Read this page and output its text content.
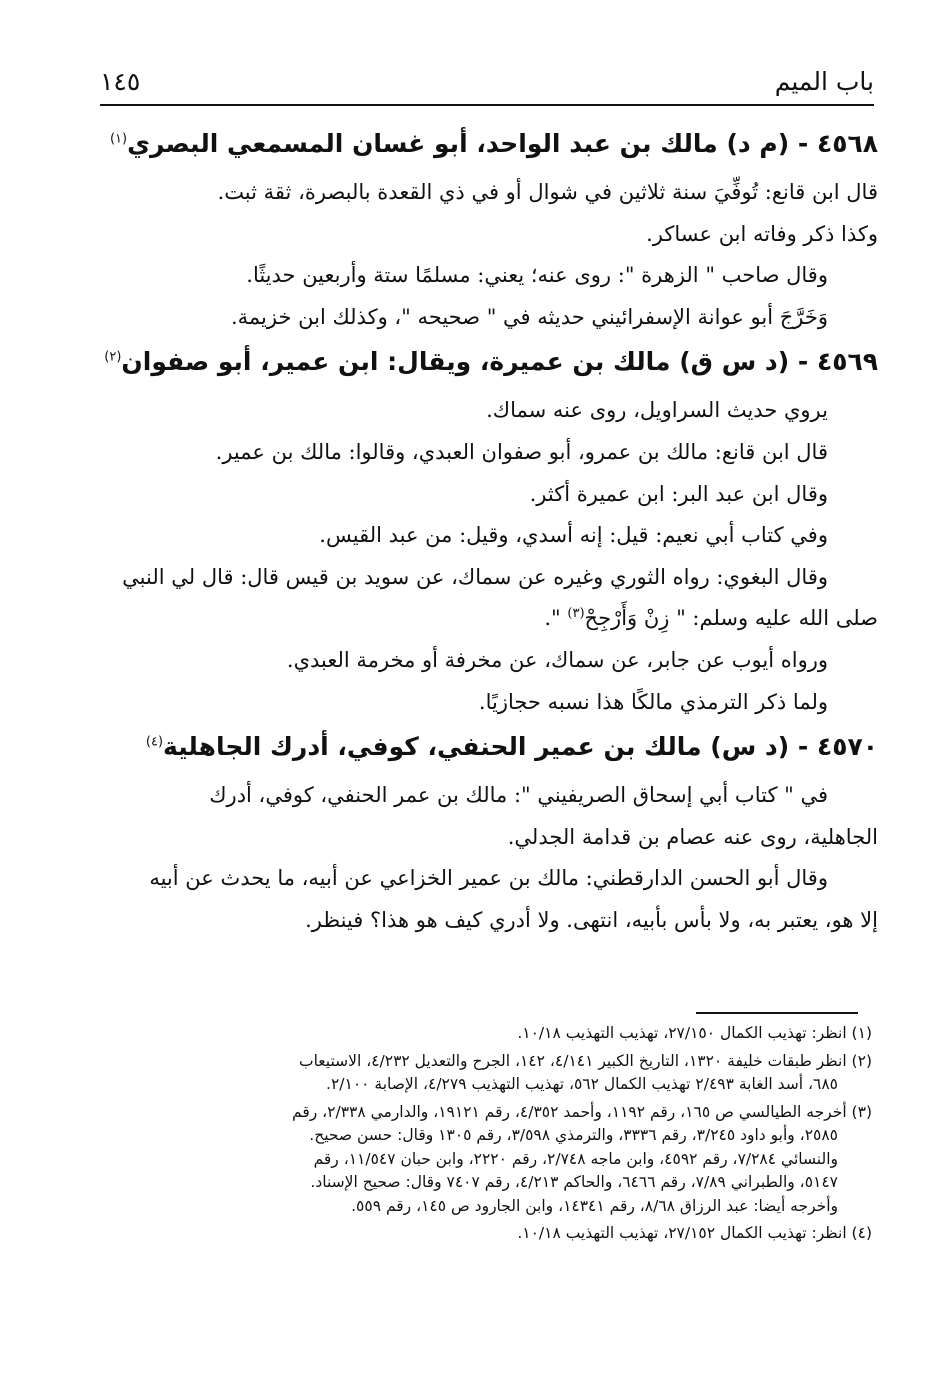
باب الميم
١٤٥
٤٥٦٨ - (م د) مالك بن عبد الواحد، أبو غسان المسمعي البصري$^{(١)}$
قال ابن قانع: تُوفِّيَ سنة ثلاثين في شوال أو في ذي القعدة بالبصرة، ثقة ثبت.
وكذا ذكر وفاته ابن عساكر.
وقال صاحب " الزهرة ": روى عنه؛ يعني: مسلمًا ستة وأربعين حديثًا.
وَخَرَّجَ أبو عوانة الإسفرائيني حديثه في " صحيحه "، وكذلك ابن خزيمة.
٤٥٦٩ - (د س ق) مالك بن عميرة، ويقال: ابن عمير، أبو صفوان$^{(٢)}$
يروي حديث السراويل، روى عنه سماك.
قال ابن قانع: مالك بن عمرو، أبو صفوان العبدي، وقالوا: مالك بن عمير.
وقال ابن عبد البر: ابن عميرة أكثر.
وفي كتاب أبي نعيم: قيل: إنه أسدي، وقيل: من عبد القيس.
وقال البغوي: رواه الثوري وغيره عن سماك، عن سويد بن قيس قال: قال لي النبي
صلى الله عليه وسلم: " زِنْ وَأَرْجِحْ$^{(٣)}$ ".
ورواه أيوب عن جابر، عن سماك، عن مخرفة أو مخرمة العبدي.
ولما ذكر الترمذي مالكًا هذا نسبه حجازيًا.
٤٥٧٠ - (د س) مالك بن عمير الحنفي، كوفي، أدرك الجاهلية$^{(٤)}$
في " كتاب أبي إسحاق الصريفيني ": مالك بن عمر الحنفي، كوفي، أدرك
الجاهلية، روى عنه عصام بن قدامة الجدلي.
وقال أبو الحسن الدارقطني: مالك بن عمير الخزاعي عن أبيه، ما يحدث عن أبيه
إلا هو، يعتبر به، ولا بأس بأبيه، انتهى. ولا أدري كيف هو هذا؟ فينظر.
(١) انظر: تهذيب الكمال ٢٧/١٥٠، تهذيب التهذيب ١٠/١٨.
(٢) انظر طبقات خليفة ١٣٢٠، التاريخ الكبير ٤/١٤١، ١٤٢، الجرح والتعديل ٤/٢٣٢، الاستيعاب
٦٨٥، أسد الغابة ٢/٤٩٣ تهذيب الكمال ٥٦٢، تهذيب التهذيب ٤/٢٧٩، الإصابة ٢/١٠٠.
(٣) أخرجه الطيالسي ص ١٦٥، رقم ١١٩٢، وأحمد ٤/٣٥٢، رقم ١٩١٢١، والدارمي ٢/٣٣٨، رقم
٢٥٨٥، وأبو داود ٣/٢٤٥، رقم ٣٣٣٦، والترمذي ٣/٥٩٨، رقم ١٣٠٥ وقال: حسن صحيح.
والنسائي ٧/٢٨٤، رقم ٤٥٩٢، وابن ماجه ٢/٧٤٨، رقم ٢٢٢٠، وابن حبان ١١/٥٤٧، رقم
٥١٤٧، والطبراني ٧/٨٩، رقم ٦٤٦٦، والحاكم ٤/٢١٣، رقم ٧٤٠٧ وقال: صحيح الإسناد.
وأخرجه أيضا: عبد الرزاق ٨/٦٨، رقم ١٤٣٤١، وابن الجارود ص ١٤٥، رقم ٥٥٩.
(٤) انظر: تهذيب الكمال ٢٧/١٥٢، تهذيب التهذيب ١٠/١٨.
